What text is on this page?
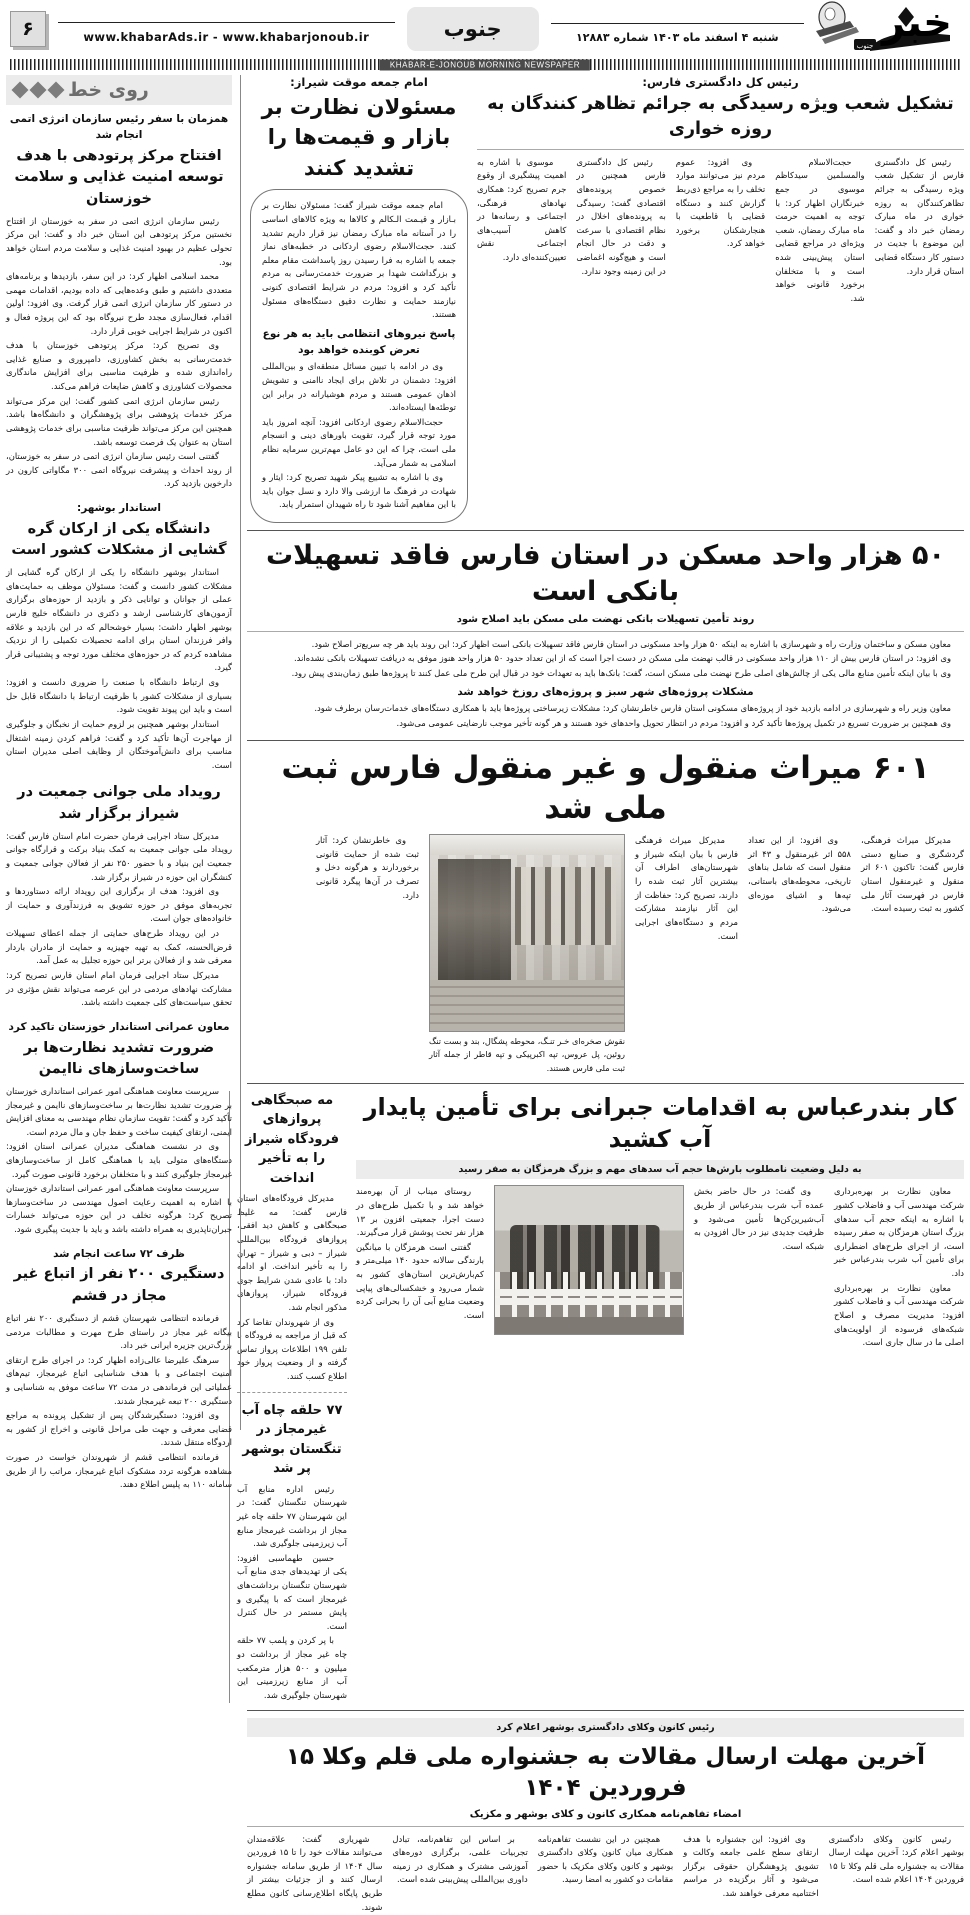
جنوب خبر
شنبه ۴ اسفند ماه ۱۴۰۳ شماره ۱۲۸۸۳
جنوب
www.khabarAds.ir - www.khabarjonoub.ir
۶
KHABAR-E-JONOUB MORNING NEWSPAPER
رئیس کل دادگستری فارس:
تشکیل شعب ویژه رسیدگی به جرائم تظاهر کنندگان به روزه خواری
رئیس کل دادگستری فارس از تشکیل شعب ویژه رسیدگی به جرائم تظاهرکنندگان به روزه خواری در ماه مبارک رمضان خبر داد و گفت: این موضوع با جدیت در دستور کار دستگاه قضایی استان قرار دارد.
حجت‌الاسلام والمسلمین سیدکاظم موسوی در جمع خبرنگاران اظهار کرد: با توجه به اهمیت حرمت ماه مبارک رمضان، شعب ویژه‌ای در مراجع قضایی استان پیش‌بینی شده است و با متخلفان برخورد قانونی خواهد شد.
وی افزود: عموم مردم نیز می‌توانند موارد تخلف را به مراجع ذی‌ربط گزارش کنند و دستگاه قضایی با قاطعیت با هنجارشکنان برخورد خواهد کرد.
رئیس کل دادگستری فارس همچنین در خصوص پرونده‌های اقتصادی گفت: رسیدگی به پرونده‌های اخلال در نظام اقتصادی با سرعت و دقت در حال انجام است و هیچ‌گونه اغماضی در این زمینه وجود ندارد.
موسوی با اشاره به اهمیت پیشگیری از وقوع جرم تصریح کرد: همکاری نهادهای فرهنگی، اجتماعی و رسانه‌ها در کاهش آسیب‌های اجتماعی نقش تعیین‌کننده‌ای دارد.
امام جمعه موقت شیراز:
مسئولان نظارت بر بازار و قیمت‌ها را تشدید کنند
امام جمعه موقت شیراز گفت: مسئولان نظارت بر بـازار و قیـمت الـکالم و کالاها به ویژه کالاهای اساسی را در آستانه ماه مبارک رمضان نیز قرار داریم تشدید کنند. حجت‌الاسلام رضوی اردکانی در خطبه‌های نماز جمعه با اشاره به فرا رسیدن روز پاسداشت مقام معلم و بزرگداشت شهدا بر ضرورت خدمت‌رسانی به مردم تأکید کرد و افزود: مردم در شرایط اقتصادی کنونی نیازمند حمایت و نظارت دقیق دستگاه‌های مسئول هستند.
پاسخ نیروهای انتظامی باید به هر نوع تعرض کوبنده خواهد بود
وی در ادامه با تبیین مسائل منطقه‌ای و بین‌المللی افزود: دشمنان در تلاش برای ایجاد ناامنی و تشویش اذهان عمومی هستند و مردم هوشیارانه در برابر این توطئه‌ها ایستاده‌اند.
حجت‌الاسلام رضوی اردکانی افزود: آنچه امروز باید مورد توجه قرار گیرد، تقویت باورهای دینی و انسجام ملی است، چرا که این دو عامل مهم‌ترین سرمایه نظام اسلامی به شمار می‌آید.
وی با اشاره به تشییع پیکر شهید تصریح کرد: ایثار و شهادت در فرهنگ ما ارزشی والا دارد و نسل جوان باید با این مفاهیم آشنا شود تا راه شهیدان استمرار یابد.
۵۰ هزار واحد مسکن در استان فارس فاقد تسهیلات بانکی است
روند تأمین تسهیلات بانکی نهضت ملی مسکن باید اصلاح شود
معاون مسکن و ساختمان وزارت راه و شهرسازی با اشاره به اینکه ۵۰ هزار واحد مسکونی در استان فارس فاقد تسهیلات بانکی است اظهار کرد: این روند باید هر چه سریع‌تر اصلاح شود.
وی افزود: در استان فارس بیش از ۱۱۰ هزار واحد مسکونی در قالب نهضت ملی مسکن در دست اجرا است که از این تعداد حدود ۵۰ هزار واحد هنوز موفق به دریافت تسهیلات بانکی نشده‌اند.
وی با بیان اینکه تأمین منابع مالی یکی از چالش‌های اصلی طرح نهضت ملی مسکن است، گفت: بانک‌ها باید به تعهدات خود در قبال این طرح ملی عمل کنند تا پروژه‌ها طبق زمان‌بندی پیش رود.
مشکلات پروژه‌های شهر سبز و پروژه‌های روزخ خواهد شد
معاون وزیر راه و شهرسازی در ادامه بازدید خود از پروژه‌های مسکونی استان فارس خاطرنشان کرد: مشکلات زیرساختی پروژه‌ها باید با همکاری دستگاه‌های خدمات‌رسان برطرف شود.
وی همچنین بر ضرورت تسریع در تکمیل پروژه‌ها تأکید کرد و افزود: مردم در انتظار تحویل واحدهای خود هستند و هر گونه تأخیر موجب نارضایتی عمومی می‌شود.
۶۰۱ میراث منقول و غیر منقول فارس ثبت ملی شد
مدیرکل میراث فرهنگی، گردشگری و صنایع دستی فارس گفت: تاکنون ۶۰۱ اثر منقول و غیرمنقول استان فارس در فهرست آثار ملی کشور به ثبت رسیده است.
وی افزود: از این تعداد ۵۵۸ اثر غیرمنقول و ۴۳ اثر منقول است که شامل بناهای تاریخی، محوطه‌های باستانی، تپه‌ها و اشیای موزه‌ای می‌شود.
مدیرکل میراث فرهنگی فارس با بیان اینکه شیراز و شهرستان‌های اطراف آن بیشترین آثار ثبت شده را دارند، تصریح کرد: حفاظت از این آثار نیازمند مشارکت مردم و دستگاه‌های اجرایی است.
نقوش صخره‌ای خـر تنـگ، محوطه پشگال، بند و بست تنگ روئین، پل عروس، تپه اکبرپیکی و تپه قاطر از جمله آثار ثبت ملی فارس هستند.
وی خاطرنشان کرد: آثار ثبت شده از حمایت قانونی برخوردارند و هرگونه دخل و تصرف در آن‌ها پیگرد قانونی دارد.
کار بندرعباس به اقدامات جبرانی برای تأمین پایدار آب کشید
به دلیل وضعیت نامطلوب بارش‌ها حجم آب سدهای مهم و بزرگ هرمزگان به صفر رسید
معاون نظارت بر بهره‌برداری شرکت مهندسی آب و فاضلاب کشور با اشاره به اینکه حجم آب سدهای بزرگ استان هرمزگان به صفر رسیده است، از اجرای طرح‌های اضطراری برای تأمین آب شرب بندرعباس خبر داد.
معاون نظارت بر بهره‌برداری شرکت مهندسی آب و فاضلاب کشور افزود: مدیریت مصرف و اصلاح شبکه‌های فرسوده از اولویت‌های اصلی ما در سال جاری است.
وی گفت: در حال حاضر بخش عمده آب شرب بندرعباس از طریق آب‌شیرین‌کن‌ها تأمین می‌شود و ظرفیت جدیدی نیز در حال افزودن به شبکه است.
روستای میناب از آن بهره‌مند خواهد شد و با تکمیل طرح‌های در دست اجرا، جمعیتی افزون بر ۱۳ هزار نفر تحت پوشش قرار می‌گیرند.
گفتنی است هرمزگان با میانگین بارندگی سالانه حدود ۱۴۰ میلی‌متر و کم‌بارش‌ترین استان‌های کشور به شمار می‌رود و خشکسالی‌های پیاپی وضعیت منابع آبی آن را بحرانی کرده است.
مه صبحگاهی پروازهای فرودگاه شیراز را به تأخیر انداخت
مدیرکل فرودگاه‌های استان فارس گفت: مه غلیظ صبحگاهی و کاهش دید افقی، پروازهای فرودگاه بین‌المللی شیراز – دبی و شیراز – تهران را به تأخیر انداخت. او ادامه داد: با عادی شدن شرایط جوی فرودگاه شیراز، پروازهای مذکور انجام شد.
وی از شهروندان تقاضا کرد که قبل از مراجعه به فرودگاه با تلفن ۱۹۹ اطلاعات پرواز تماس گرفته و از وضعیت پرواز خود اطلاع کسب کنند.
۷۷ حلقه چاه آب غیرمجاز در تنگستان بوشهر پر شد
رئیس اداره منابع آب شهرستان تنگستان گفت: در این شهرستان ۷۷ حلقه چاه غیر مجاز از برداشت غیرمجاز منابع آب زیرزمینی جلوگیری شد.
حسین طهماسبی افزود: یکی از تهدیدهای جدی منابع آب شهرستان تنگستان برداشت‌های غیرمجاز است که با پیگیری و پایش مستمر در حال کنترل است.
با پر کردن و پلمب ۷۷ حلقه چاه غیر مجاز از برداشت دو میلیون و ۵۰۰ هزار مترمکعب آب از منابع زیرزمینی این شهرستان جلوگیری شد.
رئیس کانون وکلای دادگستری بوشهر اعلام کرد
آخرین مهلت ارسال مقالات به جشنواره ملی قلم وکلا ۱۵ فروردین ۱۴۰۴
امضاء تفاهم‌نامه همکاری کانون و کلای بوشهر و مکزیک
رئیس کانون وکلای دادگستری بوشهر اعلام کرد: آخرین مهلت ارسال مقالات به جشنواره ملی قلم وکلا تا ۱۵ فروردین ۱۴۰۴ اعلام شده است.
وی افزود: این جشنواره با هدف ارتقای سطح علمی جامعه وکالت و تشویق پژوهشگران حقوقی برگزار می‌شود و آثار برگزیده در مراسم اختتامیه معرفی خواهند شد.
همچنین در این نشست تفاهم‌نامه همکاری میان کانون وکلای دادگستری بوشهر و کانون وکلای مکزیک با حضور مقامات دو کشور به امضا رسید.
بر اساس این تفاهم‌نامه، تبادل تجربیات علمی، برگزاری دوره‌های آموزشی مشترک و همکاری در زمینه داوری بین‌المللی پیش‌بینی شده است.
شهریاری گفت: علاقه‌مندان می‌توانند مقالات خود را تا ۱۵ فروردین سال ۱۴۰۴ از طریق سامانه جشنواره ارسال کنند و از جزئیات بیشتر از طریق پایگاه اطلاع‌رسانی کانون مطلع شوند.
روی خط
همزمان با سفر رئیس سازمان انرژی اتمی انجام شد
افتتاح مرکز پرتودهی با هدف توسعه امنیت غذایی و سلامت خوزستان
رئیس سازمان انرژی اتمی در سفر به خوزستان از افتتاح نخستین مرکز پرتودهی این استان خبر داد و گفت: این مرکز تحولی عظیم در بهبود امنیت غذایی و سلامت مردم استان خواهد بود.
محمد اسلامی اظهار کرد: در این سفر، بازدیدها و برنامه‌های متعددی داشتیم و طبق وعده‌هایی که داده بودیم، اقدامات مهمی در دستور کار سازمان انرژی اتمی قرار گرفت. وی افزود: اولین اقدام، فعال‌سازی مجدد طرح نیروگاه بود که این پروژه فعال و اکنون در شرایط اجرایی خوبی قرار دارد.
وی تصریح کرد: مرکز پرتودهی خوزستان با هدف خدمت‌رسانی به بخش کشاورزی، دامپروری و صنایع غذایی راه‌اندازی شده و ظرفیت مناسبی برای افزایش ماندگاری محصولات کشاورزی و کاهش ضایعات فراهم می‌کند.
رئیس سازمان انرژی اتمی کشور گفت: این مرکز می‌تواند مرکز خدمات پژوهشی برای پژوهشگران و دانشگاه‌ها باشد. همچنین این مرکز می‌تواند ظرفیت مناسبی برای خدمات پژوهشی استان به عنوان یک فرصت توسعه باشد.
گفتنی است رئیس سازمان انرژی اتمی در سفر به خوزستان، از روند احداث و پیشرفت نیروگاه اتمی ۳۰۰ مگاواتی کارون در دارخوین بازدید کرد.
استاندار بوشهر:
دانشگاه یکی از ارکان گره گشایی از مشکلات کشور است
استاندار بوشهر دانشگاه را یکی از ارکان گره گشایی از مشکلات کشور دانست و گفت: مسئولان موظف به حمایت‌های عملی از جوانان و توانایی ذکر و بازدید از حوزه‌های برگزاری آزمون‌های کارشناسی ارشد و دکتری در دانشگاه خلیج فارس بوشهر اظهار داشت: بسیار خوشحالم که در این بازدید و علاقه وافر فرزندان استان برای ادامه تحصیلات تکمیلی را از نزدیک مشاهده کردم که در حوزه‌های مختلف مورد توجه و پشتیبانی قرار گیرد.
وی ارتباط دانشگاه با صنعت را ضروری دانست و افزود: بسیاری از مشکلات کشور با ظرفیت ارتباط با دانشگاه قابل حل است و باید این پیوند تقویت شود.
استاندار بوشهر همچنین بر لزوم حمایت از نخبگان و جلوگیری از مهاجرت آن‌ها تأکید کرد و گفت: فراهم کردن زمینه اشتغال مناسب برای دانش‌آموختگان از وظایف اصلی مدیران استان است.
رویداد ملی جوانی جمعیت در شیراز برگزار شد
مدیرکل ستاد اجرایی فرمان حضرت امام استان فارس گفت: رویداد ملی جوانی جمعیت به کمک بنیاد برکت و قرارگاه جوانی جمعیت این بنیاد و با حضور ۲۵۰ نفر از فعالان جوانی جمعیت و کنشگران این حوزه در شیراز برگزار شد.
وی افزود: هدف از برگزاری این رویداد ارائه دستاوردها و تجربه‌های موفق در حوزه تشویق به فرزندآوری و حمایت از خانواده‌های جوان است.
در این رویداد طرح‌های حمایتی از جمله اعطای تسهیلات قرض‌الحسنه، کمک به تهیه جهیزیه و حمایت از مادران باردار معرفی شد و از فعالان برتر این حوزه تجلیل به عمل آمد.
مدیرکل ستاد اجرایی فرمان امام استان فارس تصریح کرد: مشارکت نهادهای مردمی در این عرصه می‌تواند نقش مؤثری در تحقق سیاست‌های کلی جمعیت داشته باشد.
معاون عمرانی استاندار خوزستان تاکید کرد
ضرورت تشدید نظارت‌ها بر ساخت‌وسازهای ناایمن
سرپرست معاونت هماهنگی امور عمرانی استانداری خوزستان بر ضرورت تشدید نظارت‌ها بر ساخت‌وسازهای ناایمن و غیرمجاز تأکید کرد و گفت: تقویت سازمان نظام مهندسی به معنای افزایش ایمنی، ارتقای کیفیت ساخت و حفظ جان و مال مردم است.
وی در نشست هماهنگی مدیران عمرانی استان افزود: دستگاه‌های متولی باید با هماهنگی کامل از ساخت‌وسازهای غیرمجاز جلوگیری کنند و با متخلفان برخورد قانونی صورت گیرد.
سرپرست معاونت هماهنگی امور عمرانی استانداری خوزستان با اشاره به اهمیت رعایت اصول مهندسی در ساخت‌وسازها تصریح کرد: هرگونه تخلف در این حوزه می‌تواند خسارات جبران‌ناپذیری به همراه داشته باشد و باید با جدیت پیگیری شود.
ظرف ۷۲ ساعت انجام شد
دستگیری ۲۰۰ نفر از اتباع غیر مجاز در قشم
فرمانده انتظامی شهرستان قشم از دستگیری ۲۰۰ نفر اتباع بیگانه غیر مجاز در راستای طرح مهرت و مطالبات مردمی بزرگ‌ترین جزیره ایرانی خبر داد.
سرهنگ علیرضا عالی‌زاده اظهار کرد: در اجرای طرح ارتقای امنیت اجتماعی و با هدف شناسایی اتباع غیرمجاز، تیم‌های عملیاتی این فرماندهی در مدت ۷۲ ساعت موفق به شناسایی و دستگیری ۲۰۰ تبعه غیرمجاز شدند.
وی افزود: دستگیرشدگان پس از تشکیل پرونده به مراجع قضایی معرفی و جهت طی مراحل قانونی و اخراج از کشور به اردوگاه منتقل شدند.
فرمانده انتظامی قشم از شهروندان خواست در صورت مشاهده هرگونه تردد مشکوک اتباع غیرمجاز، مراتب را از طریق سامانه ۱۱۰ به پلیس اطلاع دهند.
